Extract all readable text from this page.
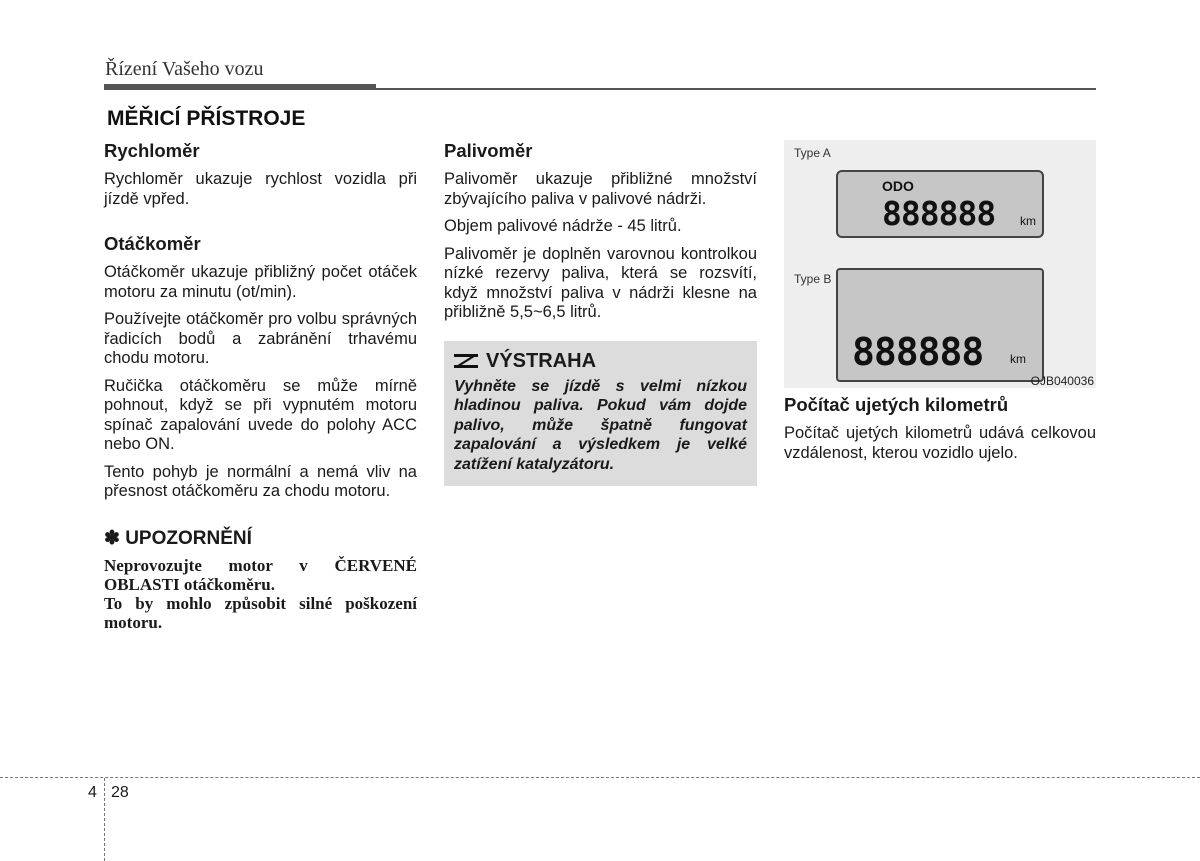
Řízení Vašeho vozu
MĚŘICÍ PŘÍSTROJE
Rychloměr

Rychloměr ukazuje rychlost vozidla při jízdě vpřed.

Otáčkoměr

Otáčkoměr ukazuje přibližný počet otáček motoru za minutu (ot/min).

Používejte otáčkoměr pro volbu správných řadicích bodů a zabránění trhavému chodu motoru.

Ručička otáčkoměru se může mírně pohnout, když se při vypnutém motoru spínač zapalování uvede do polohy ACC nebo ON.

Tento pohyb je normální a nemá vliv na přesnost otáčkoměru za chodu motoru.

✽ UPOZORNĚNÍ
Neprovozujte motor v ČERVENÉ OBLASTI otáčkoměru.
To by mohlo způsobit silné poškození motoru.
Palivoměr

Palivoměr ukazuje přibližné množství zbývajícího paliva v palivové nádrži.

Objem palivové nádrže - 45 litrů.

Palivoměr je doplněn varovnou kontrolkou nízké rezervy paliva, která se rozsvítí, když množství paliva v nádrži klesne na přibližně 5,5~6,5 litrů.

VÝSTRAHA
Vyhněte se jízdě s velmi nízkou hladinou paliva. Pokud vám dojde palivo, může špatně fungovat zapalování a výsledkem je velké zatížení katalyzátoru.
Type A
ODO
888888 km
Type B
888888 km
OJB040036
Počítač ujetých kilometrů

Počítač ujetých kilometrů udává celkovou vzdálenost, kterou vozidlo ujelo.

4 28
